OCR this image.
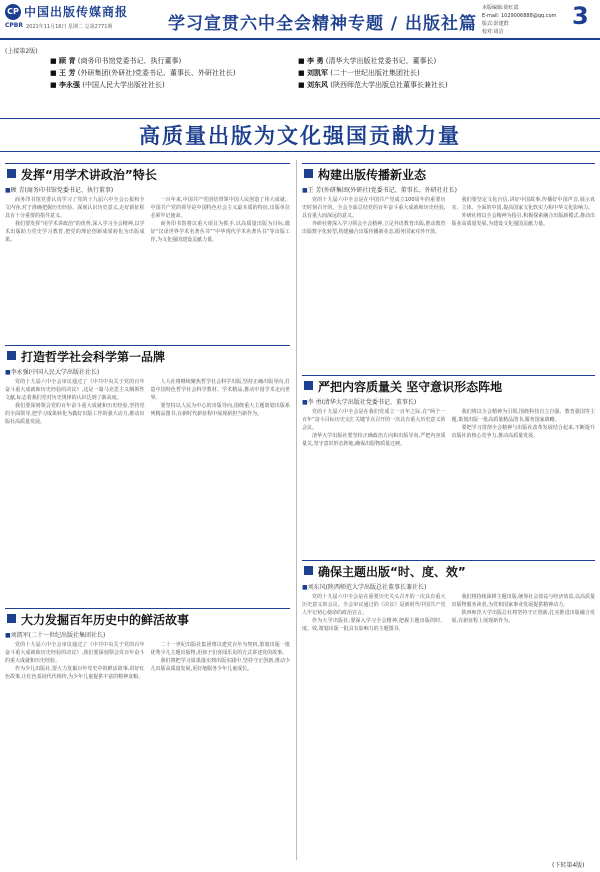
CP 中国出版传媒商报
CPBR 2021年11月16日 星期二 总第2771期	学习宣贯六中全会精神专题 / 出版社篇
本版编辑:徐红霞
E-mail: 1029006888@qq.com
版式:彭建群
校对:周洁
3
(上接第2版)
■ 顾 青 (商务印书馆党委书记、执行董事)
■ 王 芳 (外研集团(外研社)党委书记、董事长、外研社社长)
■ 李永强 (中国人民大学出版社社长)
■ 李 勇 (清华大学出版社党委书记、董事长)
■ 刘凯军 (二十一世纪出版社集团社长)
■ 刘东风 (陕西师范大学出版总社董事长兼社长)
高质量出版为文化强国贡献力量
发挥“用学术讲政治”特长
■ 顾 青(商务印书馆党委书记、执行董事)

商务印书馆党委认真学习了党的十九届六中全会公报和全文内容,对于准确把握历史经验、深刻认识历史意义,走好新征程具有十分重要的指导意义。

我们要发挥“用学术讲政治”的优势,深入学习全会精神,以学术出版助力党史学习教育,把党的理论创新成果转化为出版成果。

一百年来,中国共产党团结带领中国人民创造了伟大成就。中国共产党的领导是中国特色社会主义最本质的特征,出版单位必须牢记使命。

商务印书馆将以重大项目为抓手,以高质量出版为目标,做好“汉译世界学术名著丛书”“中华现代学术名著丛书”等出版工作,为文化强国建设贡献力量。

打造哲学社会科学第一品牌
■ 李永强(中国人民大学出版社社长)

党的十九届六中全会审议通过了《中共中央关于党的百年奋斗重大成就和历史经验的决议》,这是一篇马克思主义纲领性文献,标志着我们党对历史规律的认识达到了新高度。

我们要深刻领会党的百年奋斗重大成就和历史经验,坚持党的全面领导,把学习成果转化为做好出版工作的强大动力,推动出版社高质量发展。

人大社将继续聚焦哲学社会科学出版,坚持正确出版导向,打造中国特色哲学社会科学教材、学术精品,推动中国学术走向世界。

要坚持以人民为中心的出版导向,围绕重大主题策划出版系列精品图书,在新时代新征程中展现新担当新作为。

大力发掘百年历史中的鲜活故事
■ 刘凯军(二十一世纪出版社集团社长)

党的十九届六中全会审议通过了《中共中央关于党的百年奋斗重大成就和历史经验的决议》,我们要深刻领会党百年奋斗的重大成就和历史经验。

作为少儿出版社,要大力发掘百年党史中的鲜活故事,讲好红色故事,让红色基因代代相传,为少年儿童提供丰富的精神食粮。

二十一世纪出版社集团将以建党百年为契机,策划出版一批优秀少儿主题出版物,用孩子们喜闻乐见的方式讲述党的故事。

我们将把学习成果落实到出版实践中,坚持守正创新,推动少儿出版高质量发展,更好地服务少年儿童成长。

构建出版传播新业态
■ 王 芳(外研集团(外研社)党委书记、董事长、外研社社长)

党的十九届六中全会是在中国共产党成立100周年的重要历史时刻召开的。全会全面总结党的百年奋斗重大成就和历史经验,具有重大而深远的意义。

外研社将深入学习领会全会精神,立足外语教育出版,推动教育出版数字化转型,构建融合出版传播新业态,服务国家对外开放。

我们要坚定文化自信,讲好中国故事,传播好中国声音,展示真实、立体、全面的中国,提高国家文化软实力和中华文化影响力。

外研社将以全会精神为指引,积极探索融合出版新模式,推动出版业高质量发展,为建设文化强国贡献力量。

严把内容质量关 坚守意识形态阵地
■ 李 勇(清华大学出版社党委书记、董事长)

党的十九届六中全会是在我们党成立一百年之际,在“两个一百年”奋斗目标历史交汇关键节点召开的一次具有重大历史意义的会议。

清华大学出版社要坚持正确政治方向和出版导向,严把内容质量关,坚守意识形态阵地,确保出版物质量过硬。

我们将以全会精神为引领,围绕科技自立自强、教育强国等主题,策划出版一批高质量精品图书,服务国家战略。

要把学习贯彻全会精神与出版社改革发展结合起来,不断提升出版社的核心竞争力,推动高质量发展。

确保主题出版“时、度、效”
■ 刘东风(陕西师范大学出版总社董事长兼社长)

党的十九届六中全会是在重要历史关头召开的一次具有重大历史意义的会议。全会审议通过的《决议》是新时代中国共产党人牢记初心使命的政治宣言。

作为大学出版社,要深入学习全会精神,把握主题出版的时、度、效,策划出版一批具有影响力的主题图书。

我们将持续深耕主题出版,统筹社会效益与经济效益,以高质量出版物服务读者,为党和国家事业发展提供精神动力。

陕西师范大学出版总社将坚持守正创新,扎实推进出版融合发展,在新征程上展现新作为。

(下转第4版)
